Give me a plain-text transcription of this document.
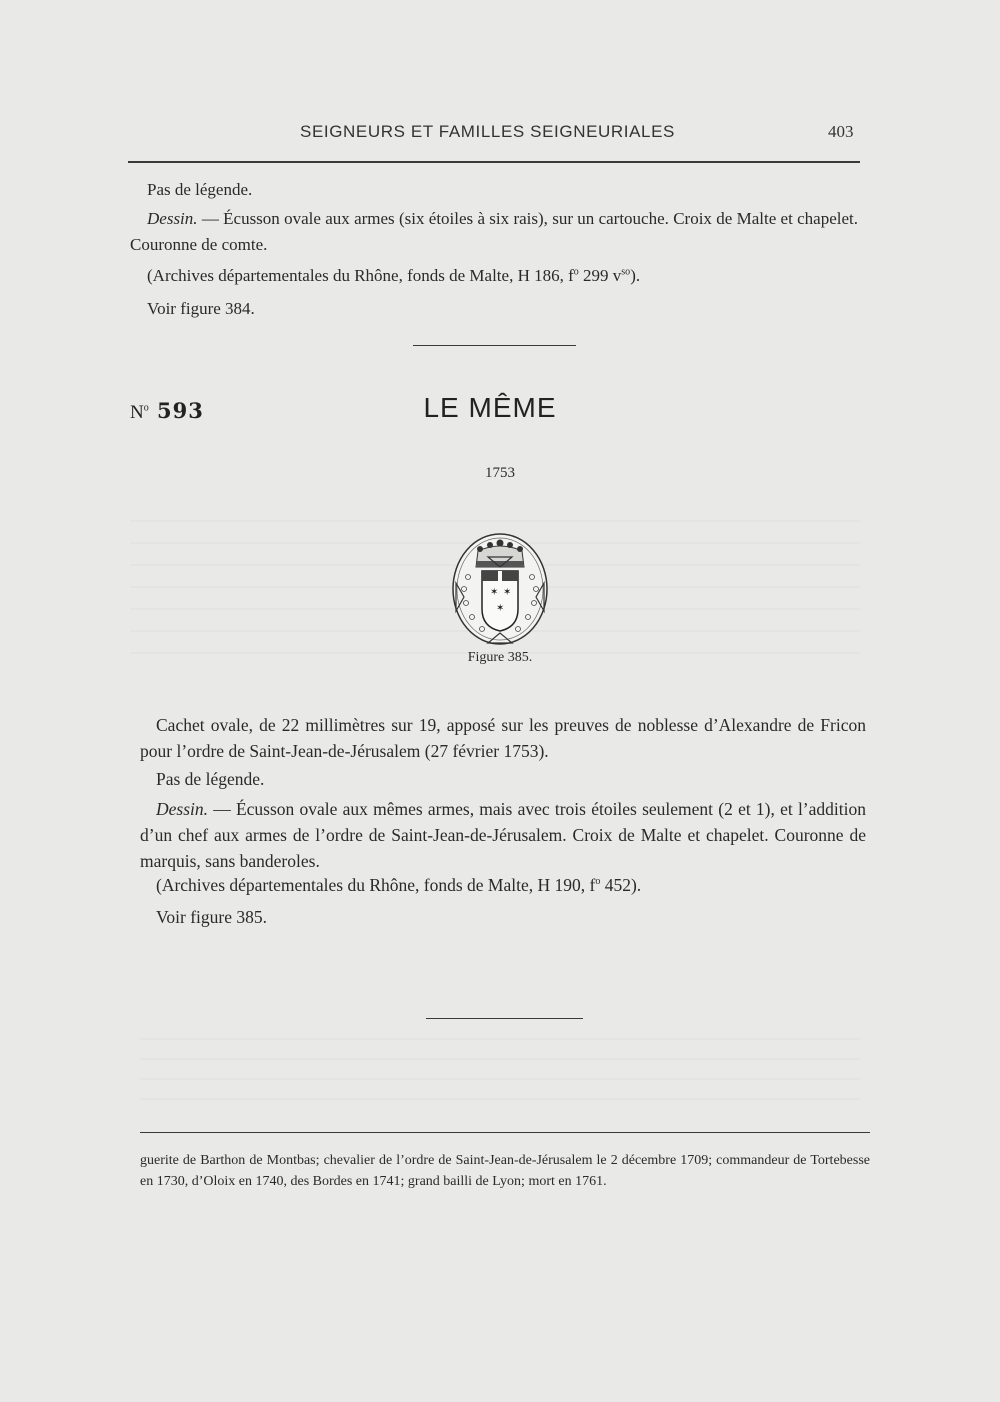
SEIGNEURS ET FAMILLES SEIGNEURIALES	403
Pas de légende.
Dessin. — Écusson ovale aux armes (six étoiles à six rais), sur un cartouche. Croix de Malte et chapelet. Couronne de comte.
(Archives départementales du Rhône, fonds de Malte, H 186, $f^o$ 299 $v^{so}$).
Voir figure 384.
$N^o$ 593	LE MÊME
1753
✶ ✶
✶
Figure 385.
Cachet ovale, de 22 millimètres sur 19, apposé sur les preuves de noblesse d’Alexandre de Fricon pour l’ordre de Saint-Jean-de-Jérusalem (27 février 1753).
Pas de légende.
Dessin. — Écusson ovale aux mêmes armes, mais avec trois étoiles seulement (2 et 1), et l’addition d’un chef aux armes de l’ordre de Saint-Jean-de-Jérusalem. Croix de Malte et chapelet. Couronne de marquis, sans banderoles.
(Archives départementales du Rhône, fonds de Malte, H 190, $f^o$ 452).
Voir figure 385.
guerite de Barthon de Montbas; chevalier de l’ordre de Saint-Jean-de-Jérusalem le 2 décembre 1709; commandeur de Tortebesse en 1730, d’Oloix en 1740, des Bordes en 1741; grand bailli de Lyon; mort en 1761.
